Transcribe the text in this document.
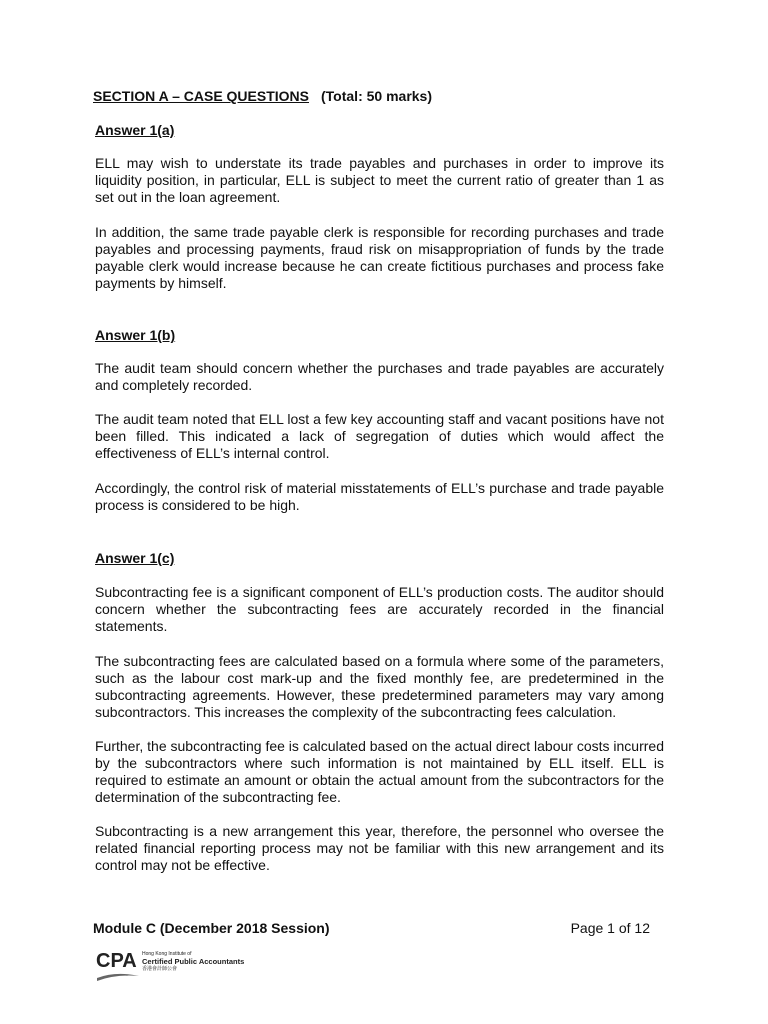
SECTION A – CASE QUESTIONS (Total: 50 marks)
Answer 1(a)
ELL may wish to understate its trade payables and purchases in order to improve its liquidity position, in particular, ELL is subject to meet the current ratio of greater than 1 as set out in the loan agreement.
In addition, the same trade payable clerk is responsible for recording purchases and trade payables and processing payments, fraud risk on misappropriation of funds by the trade payable clerk would increase because he can create fictitious purchases and process fake payments by himself.
Answer 1(b)
The audit team should concern whether the purchases and trade payables are accurately and completely recorded.
The audit team noted that ELL lost a few key accounting staff and vacant positions have not been filled. This indicated a lack of segregation of duties which would affect the effectiveness of ELL’s internal control.
Accordingly, the control risk of material misstatements of ELL’s purchase and trade payable process is considered to be high.
Answer 1(c)
Subcontracting fee is a significant component of ELL’s production costs. The auditor should concern whether the subcontracting fees are accurately recorded in the financial statements.
The subcontracting fees are calculated based on a formula where some of the parameters, such as the labour cost mark-up and the fixed monthly fee, are predetermined in the subcontracting agreements. However, these predetermined parameters may vary among subcontractors. This increases the complexity of the subcontracting fees calculation.
Further, the subcontracting fee is calculated based on the actual direct labour costs incurred by the subcontractors where such information is not maintained by ELL itself. ELL is required to estimate an amount or obtain the actual amount from the subcontractors for the determination of the subcontracting fee.
Subcontracting is a new arrangement this year, therefore, the personnel who oversee the related financial reporting process may not be familiar with this new arrangement and its control may not be effective.
Module C (December 2018 Session)	Page 1 of 12
CPA Hong Kong Institute of
Certified Public Accountants
香港會計師公會
